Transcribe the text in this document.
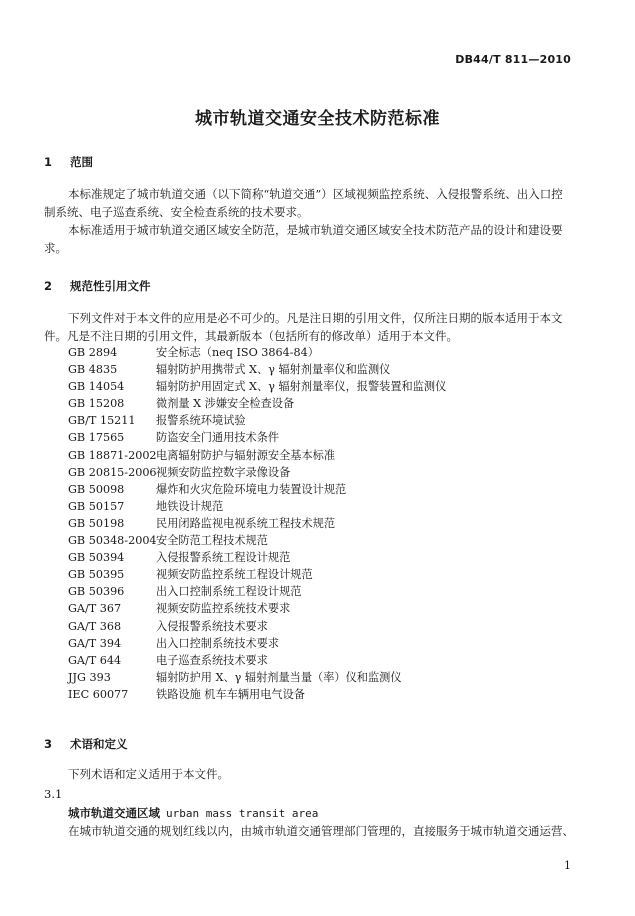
DB44/T 811—2010
城市轨道交通安全技术防范标准
1 范围

本标准规定了城市轨道交通（以下简称“轨道交通”）区域视频监控系统、入侵报警系统、出入口控制系统、电子巡查系统、安全检查系统的技术要求。

本标准适用于城市轨道交通区域安全防范，是城市轨道交通区域安全技术防范产品的设计和建设要求。

2 规范性引用文件

下列文件对于本文件的应用是必不可少的。凡是注日期的引用文件，仅所注日期的版本适用于本文件。凡是不注日期的引用文件，其最新版本（包括所有的修改单）适用于本文件。

GB 2894	安全标志（neq ISO 3864-84）
GB 4835	辐射防护用携带式 X、γ 辐射剂量率仪和监测仪
GB 14054	辐射防护用固定式 X、γ 辐射剂量率仪，报警装置和监测仪
GB 15208	微剂量 X 涉嫌安全检查设备
GB/T 15211 报警系统环境试验
GB 17565	防盗安全门通用技术条件
GB 18871-2002电离辐射防护与辐射源安全基本标准
GB 20815-2006视频安防监控数字录像设备
GB 50098	爆炸和火灾危险环境电力装置设计规范
GB 50157	地铁设计规范
GB 50198	民用闭路监视电视系统工程技术规范
GB 50348-2004安全防范工程技术规范
GB 50394	入侵报警系统工程设计规范
GB 50395	视频安防监控系统工程设计规范
GB 50396	出入口控制系统工程设计规范
GA/T 367	视频安防监控系统技术要求
GA/T 368	入侵报警系统技术要求
GA/T 394	出入口控制系统技术要求
GA/T 644	电子巡查系统技术要求
JJG 393	辐射防护用 X、γ 辐射剂量当量（率）仪和监测仪
IEC 60077 铁路设施 机车车辆用电气设备
3 术语和定义

下列术语和定义适用于本文件。

3.1
城市轨道交通区域 urban mass transit area

在城市轨道交通的规划红线以内，由城市轨道交通管理部门管理的，直接服务于城市轨道交通运营、

1
